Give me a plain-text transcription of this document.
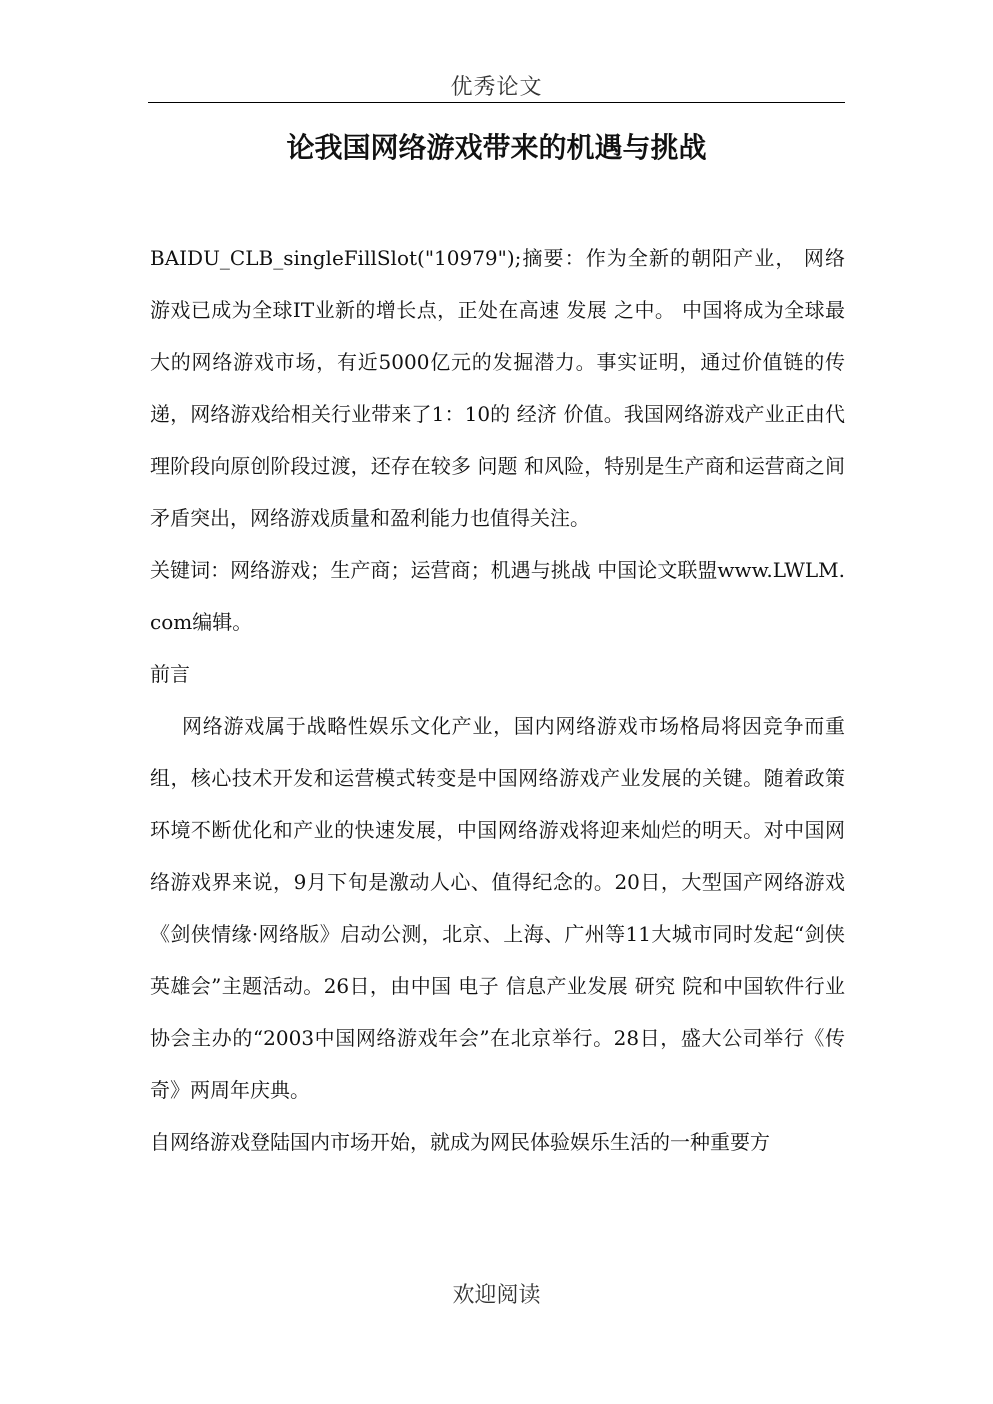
优秀论文
论我国网络游戏带来的机遇与挑战

BAIDU_CLB_singleFillSlot("10979");摘要：作为全新的朝阳产业， 网络 游戏已成为全球IT业新的增长点，正处在高速 发展 之中。 中国将成为全球最大的网络游戏市场，有近5000亿元的发掘潜力。事实证明，通过价值链的传递，网络游戏给相关行业带来了1：10的 经济 价值。我国网络游戏产业正由代理阶段向原创阶段过渡，还存在较多 问题 和风险，特别是生产商和运营商之间矛盾突出，网络游戏质量和盈利能力也值得关注。

关键词：网络游戏；生产商；运营商；机遇与挑战 中国论文联盟www.LWLM.com编辑。

前言

网络游戏属于战略性娱乐文化产业，国内网络游戏市场格局将因竞争而重组，核心技术开发和运营模式转变是中国网络游戏产业发展的关键。随着政策环境不断优化和产业的快速发展，中国网络游戏将迎来灿烂的明天。对中国网络游戏界来说，9月下旬是激动人心、值得纪念的。20日，大型国产网络游戏《剑侠情缘·网络版》启动公测，北京、上海、广州等11大城市同时发起“剑侠英雄会”主题活动。26日，由中国 电子 信息产业发展 研究 院和中国软件行业协会主办的“2003中国网络游戏年会”在北京举行。28日，盛大公司举行《传奇》两周年庆典。

自网络游戏登陆国内市场开始，就成为网民体验娱乐生活的一种重要方

欢迎阅读
